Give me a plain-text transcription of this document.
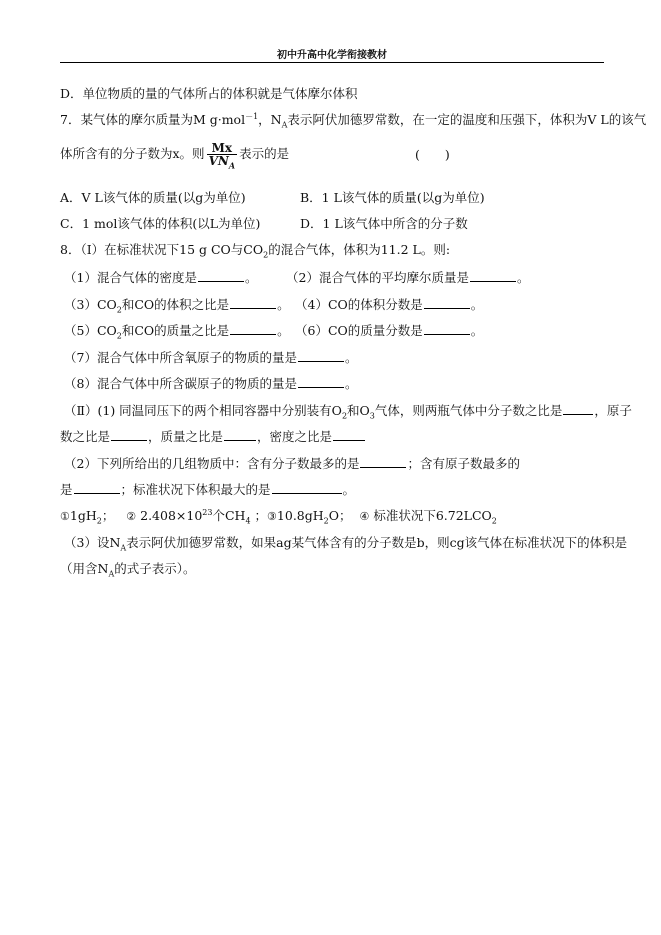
初中升高中化学衔接教材
D．单位物质的量的气体所占的体积就是气体摩尔体积
7．某气体的摩尔质量为M g·mol$^{-1}$，$N_A$表示阿伏加德罗常数，在一定的温度和压强下，体积为V L的该气
体所含有的分子数为x。则 $\frac{Mx}{VN_A}$ 表示的是	(　　)
A．V L该气体的质量(以g为单位)	B．1 L该气体的质量(以g为单位)
C．1 mol该气体的体积(以L为单位)	D．1 L该气体中所含的分子数
8．（Ⅰ）在标准状况下15 g CO与$CO_2$的混合气体，体积为11.2 L。则:
（1）混合气体的密度是	。 （2）混合气体的平均摩尔质量是	。
$(3)CO_2$和CO的体积之比是	。 （4）CO的体积分数是	。
$(5)CO_2$和CO的质量之比是	。 （6）CO的质量分数是	。
（7）混合气体中所含氧原子的物质的量是	。
（8）混合气体中所含碳原子的物质的量是	。
（Ⅱ）(1) 同温同压下的两个相同容器中分别装有$O_2$和$O_3$气体，则两瓶气体中分子数之比是	，原子
数之比是	，质量之比是	，密度之比是
（2）下列所给出的几组物质中：含有分子数最多的是	；含有原子数最多的
是	；标准状况下体积最大的是	。
$①1gH_2$； ② $2.408\times 10^{23}$个$CH_4$ ；$③10.8gH_2O$； ④ 标准状况下$6.72LCO_2$
（3）设$N_A$表示阿伏加德罗常数，如果ag某气体含有的分子数是b，则cg该气体在标准状况下的体积是
（用含$N_A$的式子表示）。
